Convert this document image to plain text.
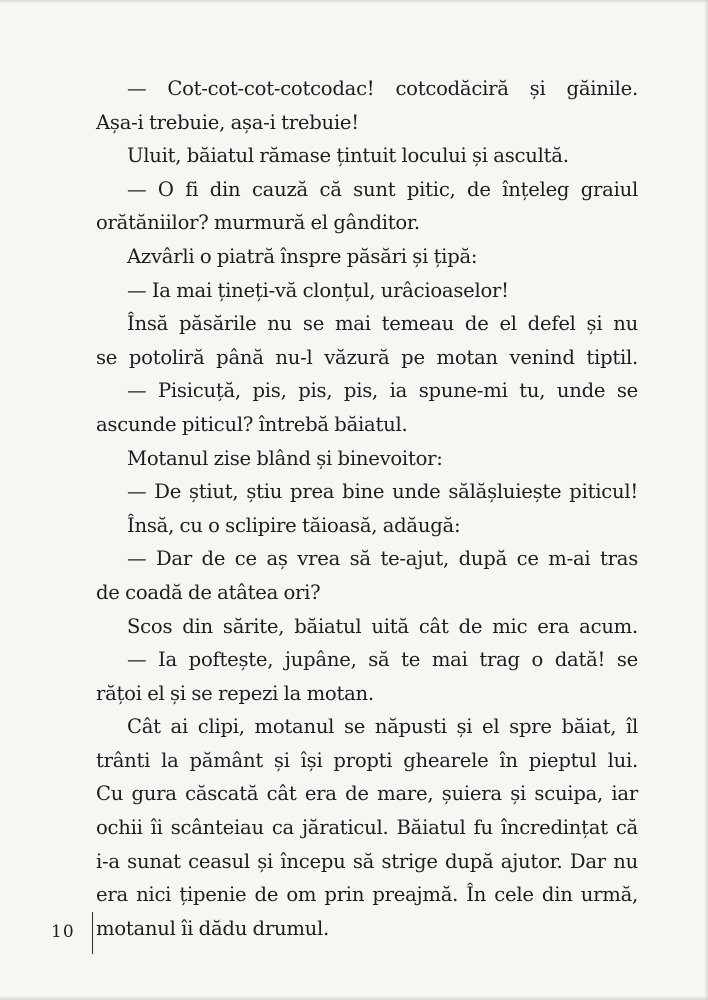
— Cot-cot-cot-cotcodac! cotcodăciră și găinile.
Așa-i trebuie, așa-i trebuie!
Uluit, băiatul rămase țintuit locului și ascultă.
— O fi din cauză că sunt pitic, de înțeleg graiul
orătăniilor? murmură el gânditor.
Azvârli o piatră înspre păsări și țipă:
— Ia mai țineți-vă clonțul, urâcioaselor!
Însă păsările nu se mai temeau de el defel și nu
se potoliră până nu-l văzură pe motan venind tiptil.
— Pisicuță, pis, pis, pis, ia spune-mi tu, unde se
ascunde piticul? întrebă băiatul.
Motanul zise blând și binevoitor:
— De știut, știu prea bine unde sălășluiește piticul!
Însă, cu o sclipire tăioasă, adăugă:
— Dar de ce aș vrea să te-ajut, după ce m-ai tras
de coadă de atâtea ori?
Scos din sărite, băiatul uită cât de mic era acum.
— Ia poftește, jupâne, să te mai trag o dată! se
rățoi el și se repezi la motan.
Cât ai clipi, motanul se năpusti și el spre băiat, îl
trânti la pământ și își propti ghearele în pieptul lui.
Cu gura căscată cât era de mare, șuiera și scuipa, iar
ochii îi scânteiau ca jăraticul. Băiatul fu încredințat că
i-a sunat ceasul și începu să strige după ajutor. Dar nu
era nici țipenie de om prin preajmă. În cele din urmă,
motanul îi dădu drumul.
10
